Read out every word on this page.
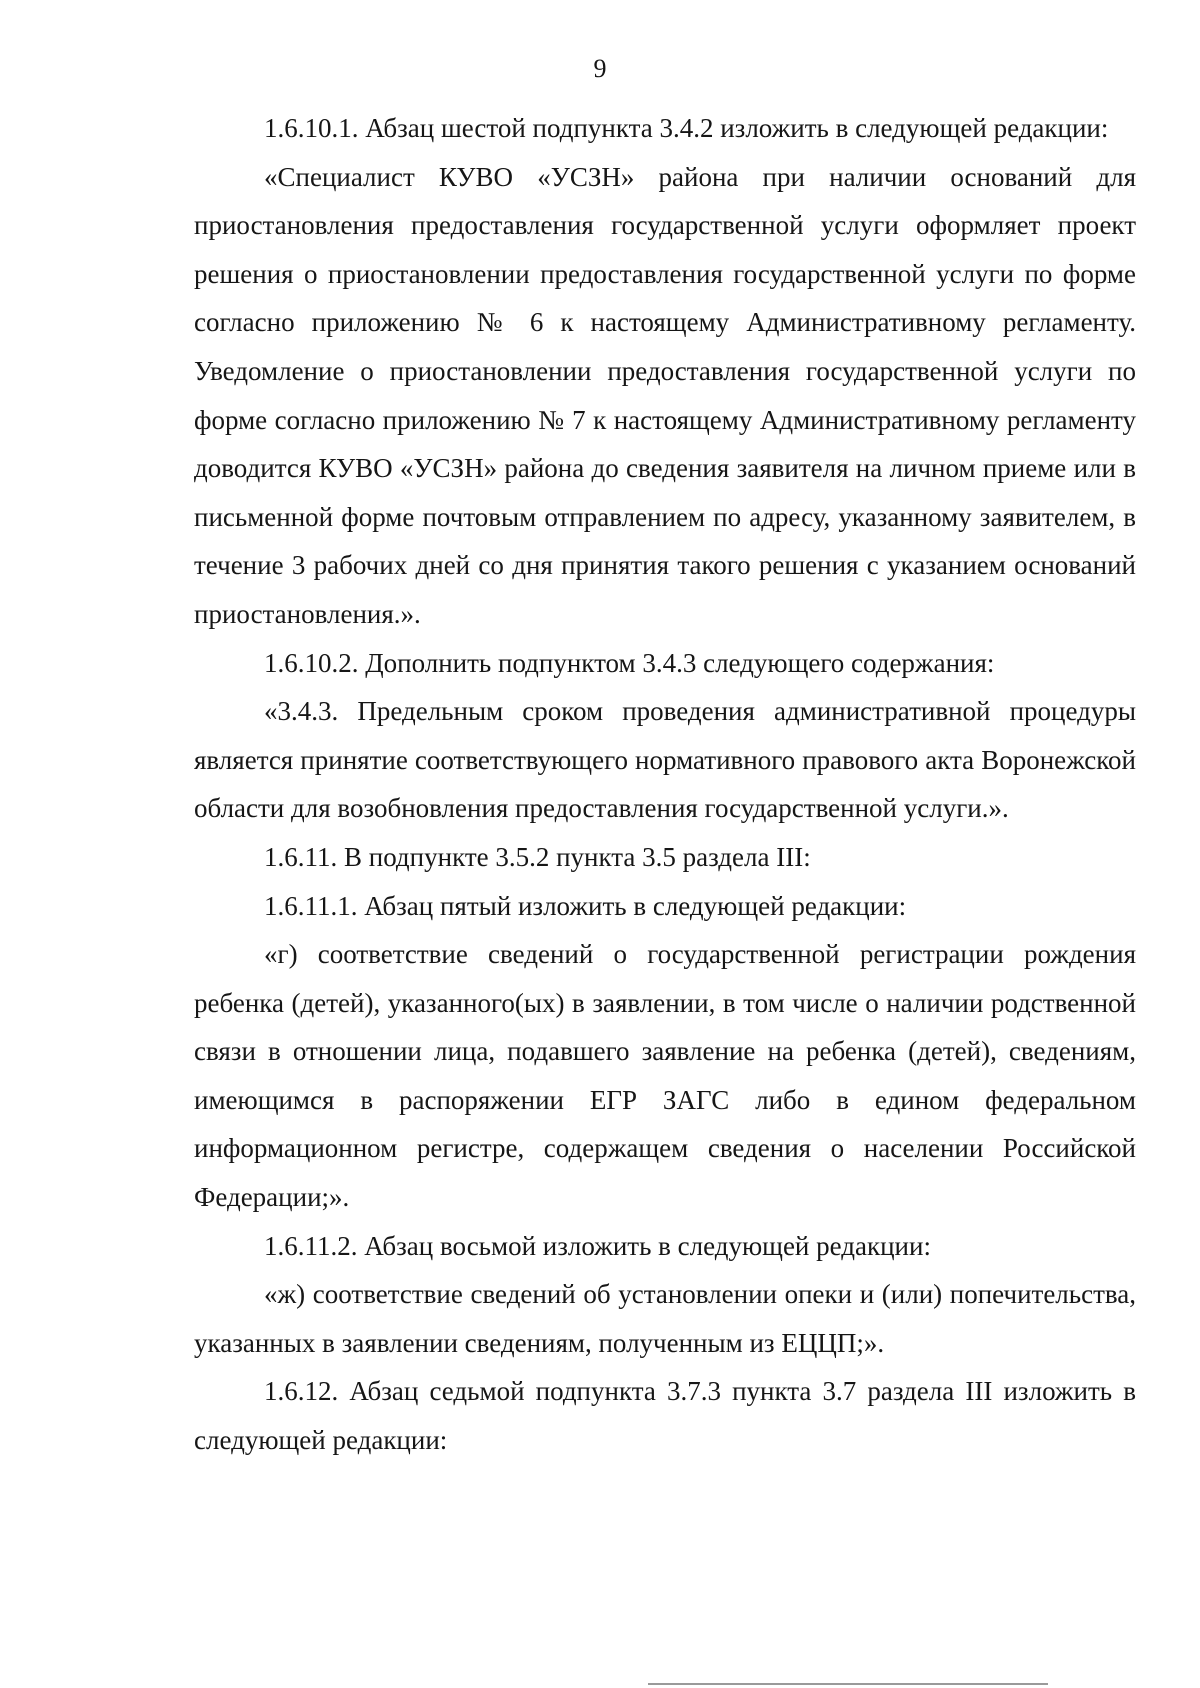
9

1.6.10.1. Абзац шестой подпункта 3.4.2 изложить в следующей редакции:

«Специалист КУВО «УСЗН» района при наличии оснований для приостановления предоставления государственной услуги оформляет проект решения о приостановлении предоставления государственной услуги по форме согласно приложению № 6 к настоящему Административному регламенту. Уведомление о приостановлении предоставления государственной услуги по форме согласно приложению № 7 к настоящему Административному регламенту доводится КУВО «УСЗН» района до сведения заявителя на личном приеме или в письменной форме почтовым отправлением по адресу, указанному заявителем, в течение 3 рабочих дней со дня принятия такого решения с указанием оснований приостановления.».

1.6.10.2. Дополнить подпунктом 3.4.3 следующего содержания:

«3.4.3. Предельным сроком проведения административной процедуры является принятие соответствующего нормативного правового акта Воронежской области для возобновления предоставления государственной услуги.».

1.6.11. В подпункте 3.5.2 пункта 3.5 раздела III:

1.6.11.1. Абзац пятый изложить в следующей редакции:

«г) соответствие сведений о государственной регистрации рождения ребенка (детей), указанного(ых) в заявлении, в том числе о наличии родственной связи в отношении лица, подавшего заявление на ребенка (детей), сведениям, имеющимся в распоряжении ЕГР ЗАГС либо в едином федеральном информационном регистре, содержащем сведения о населении Российской Федерации;».

1.6.11.2. Абзац восьмой изложить в следующей редакции:

«ж) соответствие сведений об установлении опеки и (или) попечительства, указанных в заявлении сведениям, полученным из ЕЦЦП;».

1.6.12. Абзац седьмой подпункта 3.7.3 пункта 3.7 раздела III изложить в следующей редакции:
